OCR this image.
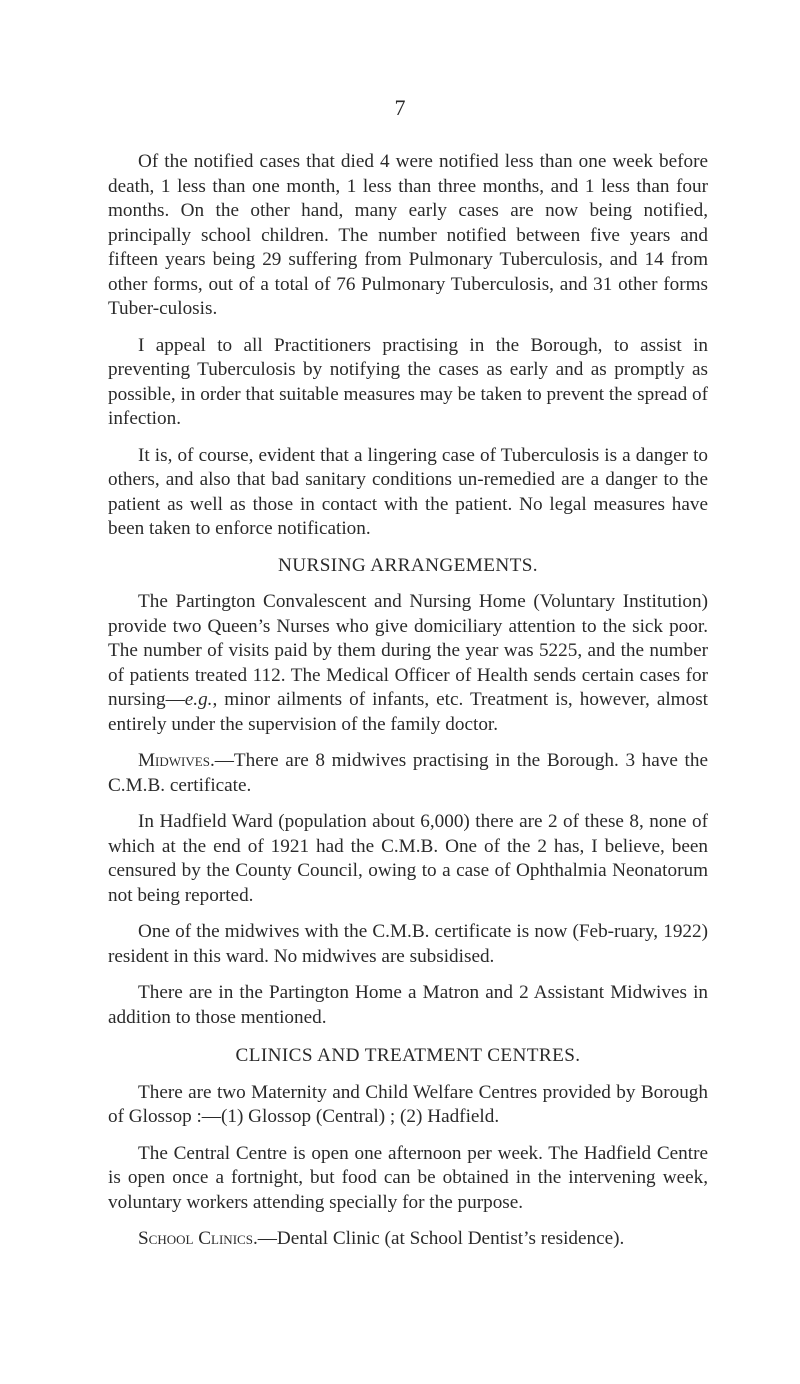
7

Of the notified cases that died 4 were notified less than one week before death, 1 less than one month, 1 less than three months, and 1 less than four months. On the other hand, many early cases are now being notified, principally school children. The number notified between five years and fifteen years being 29 suffering from Pulmonary Tuberculosis, and 14 from other forms, out of a total of 76 Pulmonary Tuberculosis, and 31 other forms Tuber-culosis.

I appeal to all Practitioners practising in the Borough, to assist in preventing Tuberculosis by notifying the cases as early and as promptly as possible, in order that suitable measures may be taken to prevent the spread of infection.

It is, of course, evident that a lingering case of Tuberculosis is a danger to others, and also that bad sanitary conditions un-remedied are a danger to the patient as well as those in contact with the patient. No legal measures have been taken to enforce notification.

NURSING ARRANGEMENTS.

The Partington Convalescent and Nursing Home (Voluntary Institution) provide two Queen’s Nurses who give domiciliary attention to the sick poor. The number of visits paid by them during the year was 5225, and the number of patients treated 112. The Medical Officer of Health sends certain cases for nursing—e.g., minor ailments of infants, etc. Treatment is, however, almost entirely under the supervision of the family doctor.

Midwives.—There are 8 midwives practising in the Borough. 3 have the C.M.B. certificate.

In Hadfield Ward (population about 6,000) there are 2 of these 8, none of which at the end of 1921 had the C.M.B. One of the 2 has, I believe, been censured by the County Council, owing to a case of Ophthalmia Neonatorum not being reported.

One of the midwives with the C.M.B. certificate is now (Feb-ruary, 1922) resident in this ward. No midwives are subsidised.

There are in the Partington Home a Matron and 2 Assistant Midwives in addition to those mentioned.

CLINICS AND TREATMENT CENTRES.

There are two Maternity and Child Welfare Centres provided by Borough of Glossop :—(1) Glossop (Central) ; (2) Hadfield.

The Central Centre is open one afternoon per week. The Hadfield Centre is open once a fortnight, but food can be obtained in the intervening week, voluntary workers attending specially for the purpose.

School Clinics.—Dental Clinic (at School Dentist’s residence).
